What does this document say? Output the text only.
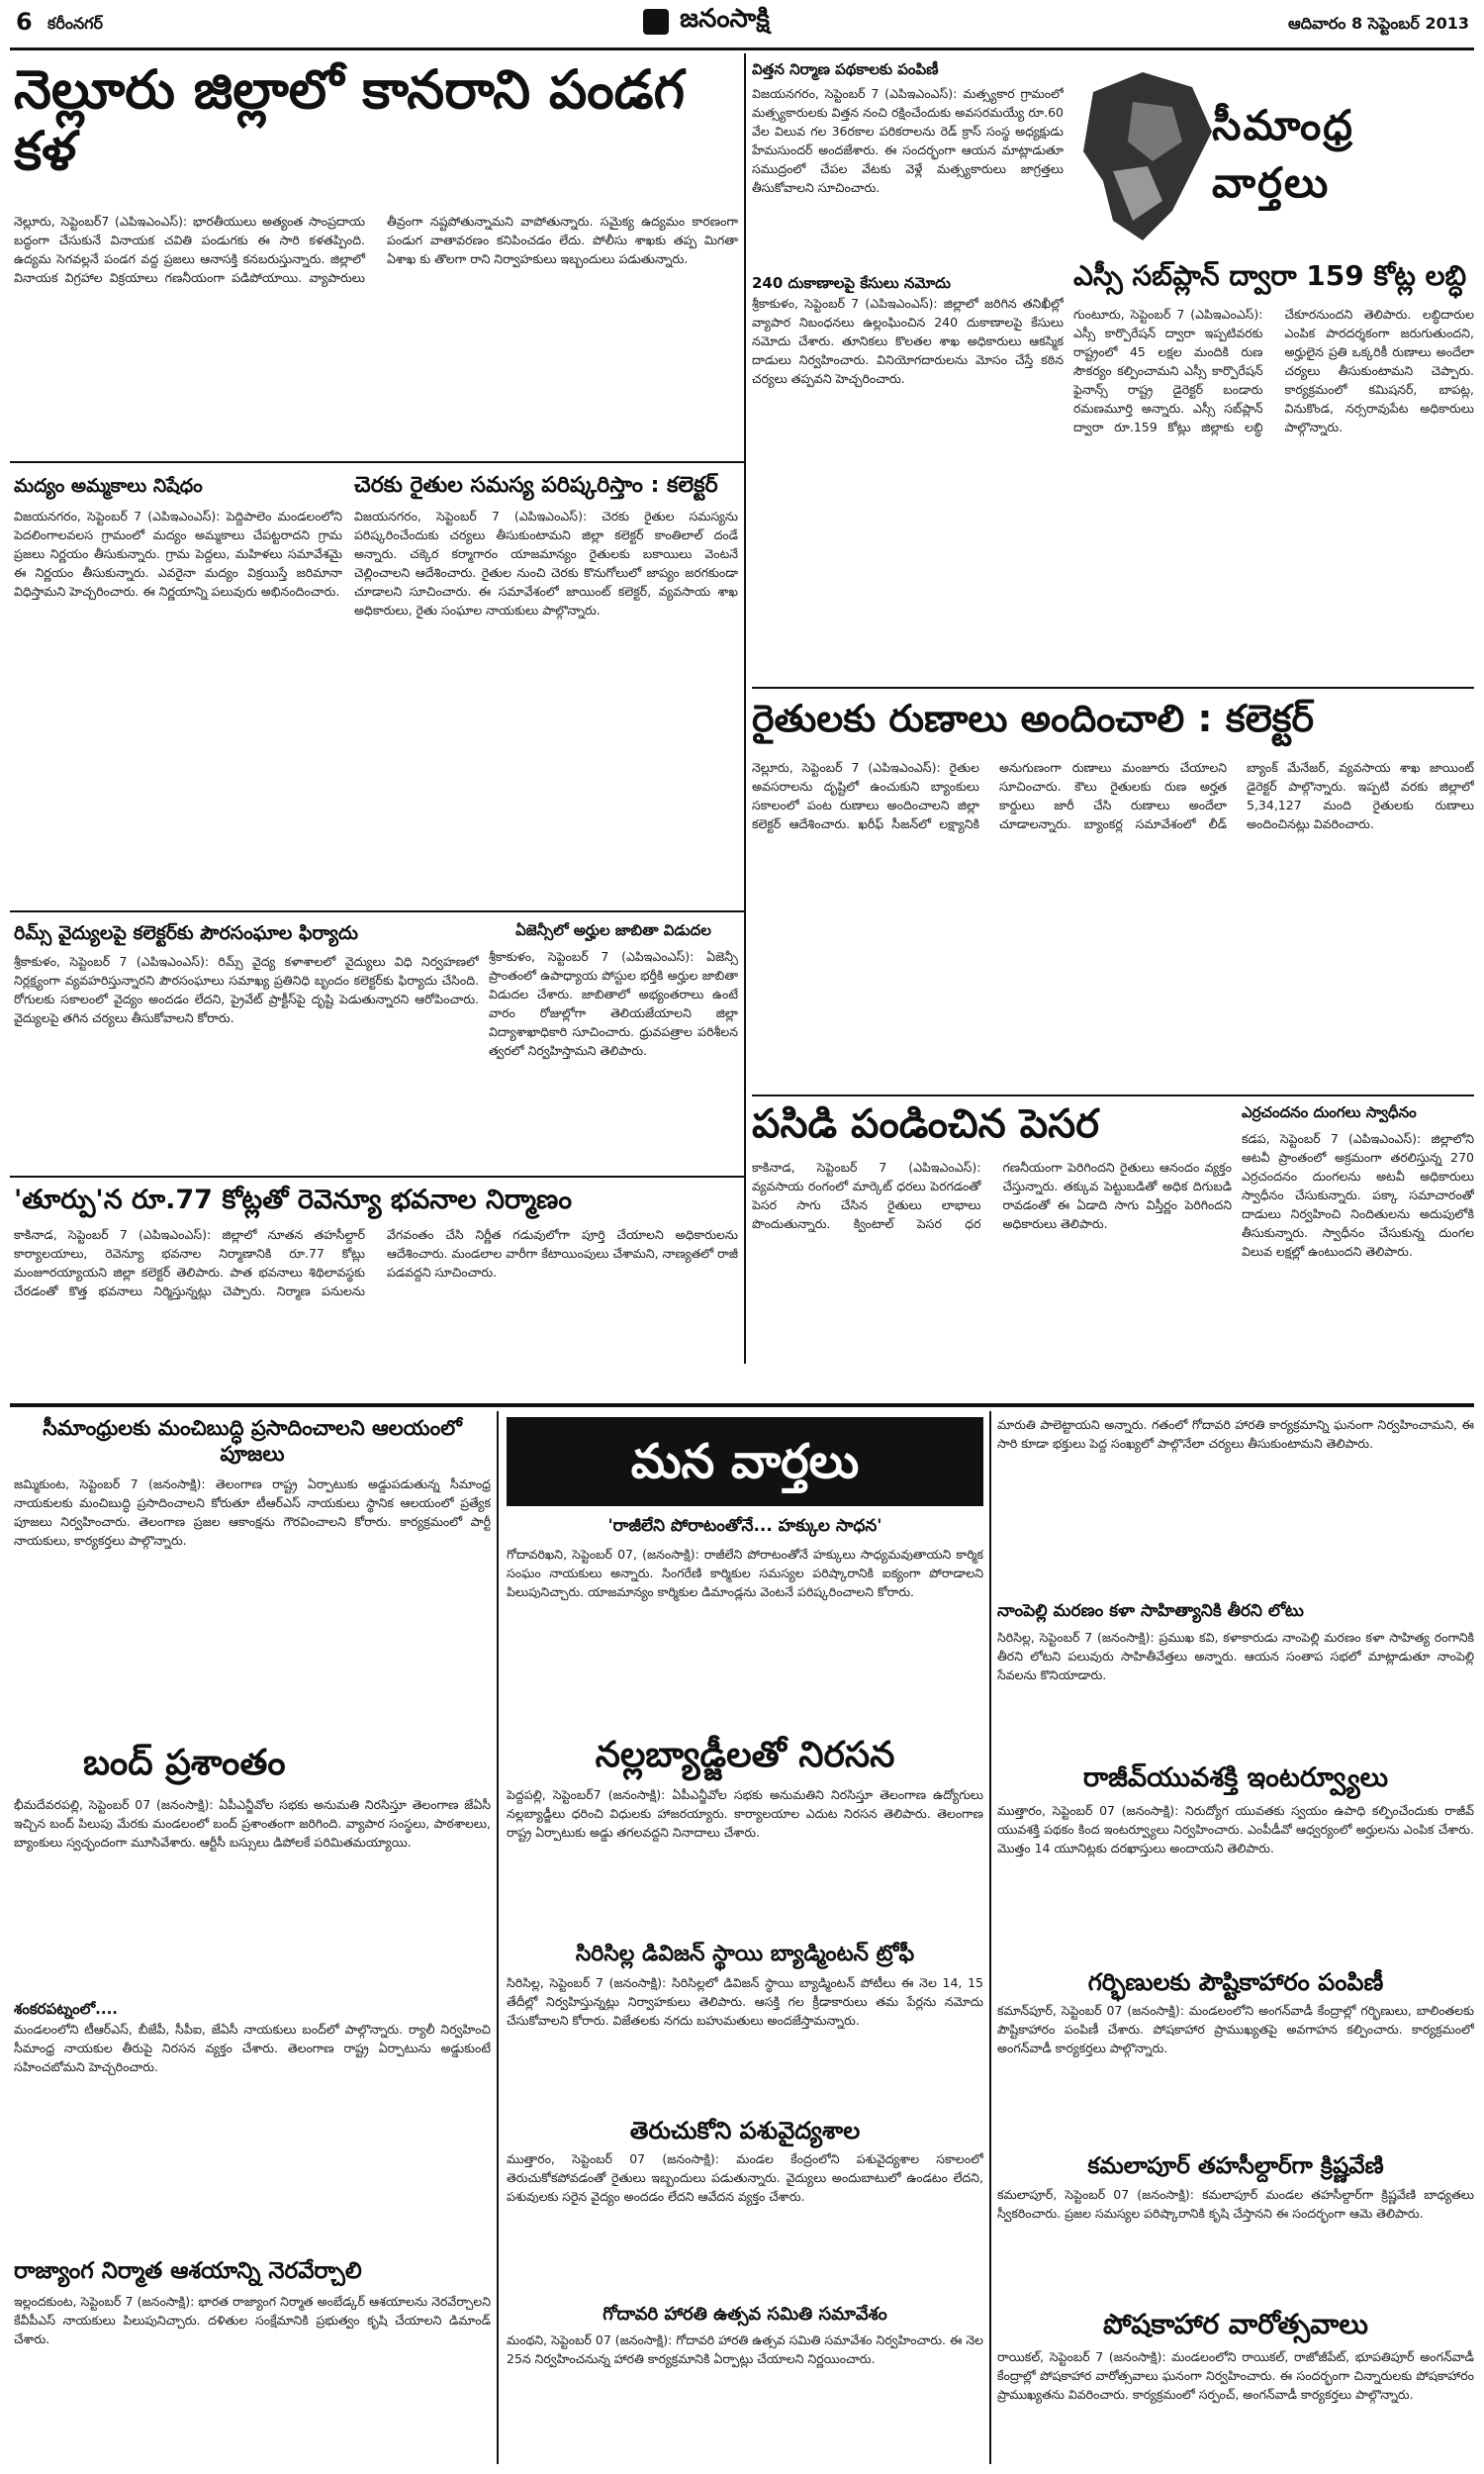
6 కరీంనగర్	జనంసాక్షి	ఆదివారం 8 సెప్టెంబర్ 2013
నెల్లూరు జిల్లాలో కానరాని పండగ కళ
నెల్లూరు, సెప్టెంబర్7 (ఎపిఇఎంఎస్): భారతీయులు అత్యంత సాంప్రదాయ బద్ధంగా చేసుకునే వినాయక చవితి పండుగకు ఈ సారి కళతప్పింది. ఉద్యమ సెగవల్లనే పండగ వద్ద ప్రజలు ఆనాసక్తి కనబరుస్తున్నారు. జిల్లాలో వినాయక విగ్రహాల విక్రయాలు గణనీయంగా పడిపోయాయి. వ్యాపారులు తీవ్రంగా నష్టపోతున్నామని వాపోతున్నారు. సమైక్య ఉద్యమం కారణంగా పండుగ వాతావరణం కనిపించడం లేదు. పోలీసు శాఖకు తప్ప మిగతా ఏశాఖ కు తొలగా రాని నిర్వాహకులు ఇబ్బందులు పడుతున్నారు.
విత్తన నిర్మాణ పథకాలకు పంపిణీ
విజయనగరం, సెప్టెంబర్ 7 (ఎపిఇఎంఎస్): మత్స్యకార గ్రామంలో మత్స్యకారులకు విత్తన నంచి రక్షించేందుకు అవసరమయ్యే రూ.60 వేల విలువ గల 36రకాల పరికరాలను రెడ్ క్రాస్ సంస్థ అధ్యక్షుడు హేమసుందర్ అందజేశారు. ఈ సందర్భంగా ఆయన మాట్లాడుతూ సముద్రంలో చేపల వేటకు వెళ్లే మత్స్యకారులు జాగ్రత్తలు తీసుకోవాలని సూచించారు.
240 దుకాణాలపై కేసులు నమోదు
శ్రీకాకుళం, సెప్టెంబర్ 7 (ఎపిఇఎంఎస్): జిల్లాలో జరిగిన తనిఖీల్లో వ్యాపార నిబంధనలు ఉల్లంఘించిన 240 దుకాణాలపై కేసులు నమోదు చేశారు. తూనికలు కొలతల శాఖ అధికారులు ఆకస్మిక దాడులు నిర్వహించారు. వినియోగదారులను మోసం చేస్తే కఠిన చర్యలు తప్పవని హెచ్చరించారు.
సీమాంధ్ర వార్తలు
ఎస్సీ సబ్‌ప్లాన్ ద్వారా 159 కోట్ల లబ్ధి
గుంటూరు, సెప్టెంబర్ 7 (ఎపిఇఎంఎస్): ఎస్సీ కార్పొరేషన్ ద్వారా ఇప్పటివరకు రాష్ట్రంలో 45 లక్షల మందికి రుణ సౌకర్యం కల్పించామని ఎస్సీ కార్పొరేషన్ ఫైనాన్స్ రాష్ట్ర డైరెక్టర్ బండారు రమణమూర్తి అన్నారు. ఎస్సీ సబ్‌ప్లాన్ ద్వారా రూ.159 కోట్లు జిల్లాకు లబ్ధి చేకూరనుందని తెలిపారు. లబ్ధిదారుల ఎంపిక పారదర్శకంగా జరుగుతుందని, అర్హులైన ప్రతి ఒక్కరికీ రుణాలు అందేలా చర్యలు తీసుకుంటామని చెప్పారు. కార్యక్రమంలో కమిషనర్, బాపట్ల, వినుకొండ, నర్సరావుపేట అధికారులు పాల్గొన్నారు.
మద్యం అమ్మకాలు నిషేధం
విజయనగరం, సెప్టెంబర్ 7 (ఎపిఇఎంఎస్): పెద్దిపాలెం మండలంలోని పెదలింగాలవలస గ్రామంలో మద్యం అమ్మకాలు చేపట్టరాదని గ్రామ ప్రజలు నిర్ణయం తీసుకున్నారు. గ్రామ పెద్దలు, మహిళలు సమావేశమై ఈ నిర్ణయం తీసుకున్నారు. ఎవరైనా మద్యం విక్రయిస్తే జరిమానా విధిస్తామని హెచ్చరించారు. ఈ నిర్ణయాన్ని పలువురు అభినందించారు.
చెరకు రైతుల సమస్య పరిష్కరిస్తాం : కలెక్టర్
విజయనగరం, సెప్టెంబర్ 7 (ఎపిఇఎంఎస్): చెరకు రైతుల సమస్యను పరిష్కరించేందుకు చర్యలు తీసుకుంటామని జిల్లా కలెక్టర్ కాంతిలాల్ దండే అన్నారు. చక్కెర కర్మాగారం యాజమాన్యం రైతులకు బకాయిలు వెంటనే చెల్లించాలని ఆదేశించారు. రైతుల నుంచి చెరకు కొనుగోలులో జాప్యం జరగకుండా చూడాలని సూచించారు. ఈ సమావేశంలో జాయింట్ కలెక్టర్, వ్యవసాయ శాఖ అధికారులు, రైతు సంఘాల నాయకులు పాల్గొన్నారు.
రైతులకు రుణాలు అందించాలి : కలెక్టర్
నెల్లూరు, సెప్టెంబర్ 7 (ఎపిఇఎంఎస్): రైతుల అవసరాలను దృష్టిలో ఉంచుకుని బ్యాంకులు సకాలంలో పంట రుణాలు అందించాలని జిల్లా కలెక్టర్ ఆదేశించారు. ఖరీఫ్ సీజన్‌లో లక్ష్యానికి అనుగుణంగా రుణాలు మంజూరు చేయాలని సూచించారు. కౌలు రైతులకు రుణ అర్హత కార్డులు జారీ చేసి రుణాలు అందేలా చూడాలన్నారు. బ్యాంకర్ల సమావేశంలో లీడ్ బ్యాంక్ మేనేజర్, వ్యవసాయ శాఖ జాయింట్ డైరెక్టర్ పాల్గొన్నారు. ఇప్పటి వరకు జిల్లాలో 5,34,127 మంది రైతులకు రుణాలు అందించినట్లు వివరించారు.
రిమ్స్ వైద్యులపై కలెక్టర్‌కు పౌరసంఘాల ఫిర్యాదు
శ్రీకాకుళం, సెప్టెంబర్ 7 (ఎపిఇఎంఎస్): రిమ్స్ వైద్య కళాశాలలో వైద్యులు విధి నిర్వహణలో నిర్లక్ష్యంగా వ్యవహరిస్తున్నారని పౌరసంఘాలు సమాఖ్య ప్రతినిధి బృందం కలెక్టర్‌కు ఫిర్యాదు చేసింది. రోగులకు సకాలంలో వైద్యం అందడం లేదని, ప్రైవేట్ ప్రాక్టీస్‌పై దృష్టి పెడుతున్నారని ఆరోపించారు. వైద్యులపై తగిన చర్యలు తీసుకోవాలని కోరారు.
ఏజెన్సీలో అర్హుల జాబితా విడుదల
శ్రీకాకుళం, సెప్టెంబర్ 7 (ఎపిఇఎంఎస్): ఏజెన్సీ ప్రాంతంలో ఉపాధ్యాయ పోస్టుల భర్తీకి అర్హుల జాబితా విడుదల చేశారు. జాబితాలో అభ్యంతరాలు ఉంటే వారం రోజుల్లోగా తెలియజేయాలని జిల్లా విద్యాశాఖాధికారి సూచించారు. ధ్రువపత్రాల పరిశీలన త్వరలో నిర్వహిస్తామని తెలిపారు.
పసిడి పండించిన పెసర
కాకినాడ, సెప్టెంబర్ 7 (ఎపిఇఎంఎస్): వ్యవసాయ రంగంలో మార్కెట్ ధరలు పెరగడంతో పెసర సాగు చేసిన రైతులు లాభాలు పొందుతున్నారు. క్వింటాల్ పెసర ధర గణనీయంగా పెరిగిందని రైతులు ఆనందం వ్యక్తం చేస్తున్నారు. తక్కువ పెట్టుబడితో అధిక దిగుబడి రావడంతో ఈ ఏడాది సాగు విస్తీర్ణం పెరిగిందని అధికారులు తెలిపారు.
ఎర్రచందనం దుంగలు స్వాధీనం
కడప, సెప్టెంబర్ 7 (ఎపిఇఎంఎస్): జిల్లాలోని అటవీ ప్రాంతంలో అక్రమంగా తరలిస్తున్న 270 ఎర్రచందనం దుంగలను అటవీ అధికారులు స్వాధీనం చేసుకున్నారు. పక్కా సమాచారంతో దాడులు నిర్వహించి నిందితులను అదుపులోకి తీసుకున్నారు. స్వాధీనం చేసుకున్న దుంగల విలువ లక్షల్లో ఉంటుందని తెలిపారు.
'తూర్పు'న రూ.77 కోట్లతో రెవెన్యూ భవనాల నిర్మాణం
కాకినాడ, సెప్టెంబర్ 7 (ఎపిఇఎంఎస్): జిల్లాలో నూతన తహసీల్దార్ కార్యాలయాలు, రెవెన్యూ భవనాల నిర్మాణానికి రూ.77 కోట్లు మంజూరయ్యాయని జిల్లా కలెక్టర్ తెలిపారు. పాత భవనాలు శిథిలావస్థకు చేరడంతో కొత్త భవనాలు నిర్మిస్తున్నట్లు చెప్పారు. నిర్మాణ పనులను వేగవంతం చేసి నిర్ణీత గడువులోగా పూర్తి చేయాలని అధికారులను ఆదేశించారు. మండలాల వారీగా కేటాయింపులు చేశామని, నాణ్యతలో రాజీ పడవద్దని సూచించారు.
సీమాంధ్రులకు మంచిబుద్ధి ప్రసాదించాలని ఆలయంలో పూజలు
జమ్మికుంట, సెప్టెంబర్ 7 (జనంసాక్షి): తెలంగాణ రాష్ట్ర ఏర్పాటుకు అడ్డుపడుతున్న సీమాంధ్ర నాయకులకు మంచిబుద్ధి ప్రసాదించాలని కోరుతూ టీఆర్ఎస్ నాయకులు స్థానిక ఆలయంలో ప్రత్యేక పూజలు నిర్వహించారు. తెలంగాణ ప్రజల ఆకాంక్షను గౌరవించాలని కోరారు. కార్యక్రమంలో పార్టీ నాయకులు, కార్యకర్తలు పాల్గొన్నారు.
బంద్ ప్రశాంతం
భీమదేవరపల్లి, సెప్టెంబర్ 07 (జనంసాక్షి): ఏపీఎన్జీవోల సభకు అనుమతి నిరసిస్తూ తెలంగాణ జేఏసీ ఇచ్చిన బంద్ పిలుపు మేరకు మండలంలో బంద్ ప్రశాంతంగా జరిగింది. వ్యాపార సంస్థలు, పాఠశాలలు, బ్యాంకులు స్వచ్ఛందంగా మూసివేశారు. ఆర్టీసీ బస్సులు డిపోలకే పరిమితమయ్యాయి.
శంకరపట్నంలో....
మండలంలోని టీఆర్ఎస్, బీజేపీ, సీపీఐ, జేఏసీ నాయకులు బంద్‌లో పాల్గొన్నారు. ర్యాలీ నిర్వహించి సీమాంధ్ర నాయకుల తీరుపై నిరసన వ్యక్తం చేశారు. తెలంగాణ రాష్ట్ర ఏర్పాటును అడ్డుకుంటే సహించబోమని హెచ్చరించారు.
రాజ్యాంగ నిర్మాత ఆశయాన్ని నెరవేర్చాలి
ఇల్లందకుంట, సెప్టెంబర్ 7 (జనంసాక్షి): భారత రాజ్యాంగ నిర్మాత అంబేడ్కర్ ఆశయాలను నెరవేర్చాలని కేవీపీఎస్ నాయకులు పిలుపునిచ్చారు. దళితుల సంక్షేమానికి ప్రభుత్వం కృషి చేయాలని డిమాండ్ చేశారు.
మన వార్తలు
'రాజీలేని పోరాటంతోనే... హక్కుల సాధన'
గోదావరిఖని, సెప్టెంబర్ 07, (జనంసాక్షి): రాజీలేని పోరాటంతోనే హక్కులు సాధ్యమవుతాయని కార్మిక సంఘం నాయకులు అన్నారు. సింగరేణి కార్మికుల సమస్యల పరిష్కారానికి ఐక్యంగా పోరాడాలని పిలుపునిచ్చారు. యాజమాన్యం కార్మికుల డిమాండ్లను వెంటనే పరిష్కరించాలని కోరారు.
నల్లబ్యాడ్జీలతో నిరసన
పెద్దపల్లి, సెప్టెంబర్7 (జనంసాక్షి): ఏపీఎన్జీవోల సభకు అనుమతిని నిరసిస్తూ తెలంగాణ ఉద్యోగులు నల్లబ్యాడ్జీలు ధరించి విధులకు హాజరయ్యారు. కార్యాలయాల ఎదుట నిరసన తెలిపారు. తెలంగాణ రాష్ట్ర ఏర్పాటుకు అడ్డు తగలవద్దని నినాదాలు చేశారు.
సిరిసిల్ల డివిజన్ స్థాయి బ్యాడ్మింటన్ ట్రోఫీ
సిరిసిల్ల, సెప్టెంబర్ 7 (జనంసాక్షి): సిరిసిల్లలో డివిజన్ స్థాయి బ్యాడ్మింటన్ పోటీలు ఈ నెల 14, 15 తేదీల్లో నిర్వహిస్తున్నట్లు నిర్వాహకులు తెలిపారు. ఆసక్తి గల క్రీడాకారులు తమ పేర్లను నమోదు చేసుకోవాలని కోరారు. విజేతలకు నగదు బహుమతులు అందజేస్తామన్నారు.
తెరుచుకోని పశువైద్యశాల
ముత్తారం, సెప్టెంబర్ 07 (జనంసాక్షి): మండల కేంద్రంలోని పశువైద్యశాల సకాలంలో తెరుచుకోకపోవడంతో రైతులు ఇబ్బందులు పడుతున్నారు. వైద్యులు అందుబాటులో ఉండటం లేదని, పశువులకు సరైన వైద్యం అందడం లేదని ఆవేదన వ్యక్తం చేశారు.
గోదావరి హారతి ఉత్సవ సమితి సమావేశం
మంథని, సెప్టెంబర్ 07 (జనంసాక్షి): గోదావరి హారతి ఉత్సవ సమితి సమావేశం నిర్వహించారు. ఈ నెల 25న నిర్వహించనున్న హారతి కార్యక్రమానికి ఏర్పాట్లు చేయాలని నిర్ణయించారు.
మారుతి పాలెట్టాయని అన్నారు. గతంలో గోదావరి హారతి కార్యక్రమాన్ని ఘనంగా నిర్వహించామని, ఈ సారి కూడా భక్తులు పెద్ద సంఖ్యలో పాల్గొనేలా చర్యలు తీసుకుంటామని తెలిపారు.
నాంపెల్లి మరణం కళా సాహిత్యానికి తీరని లోటు
సిరిసిల్ల, సెప్టెంబర్ 7 (జనంసాక్షి): ప్రముఖ కవి, కళాకారుడు నాంపెల్లి మరణం కళా సాహిత్య రంగానికి తీరని లోటని పలువురు సాహితీవేత్తలు అన్నారు. ఆయన సంతాప సభలో మాట్లాడుతూ నాంపెల్లి సేవలను కొనియాడారు.
రాజీవ్‌యువశక్తి ఇంటర్వ్యూలు
ముత్తారం, సెప్టెంబర్ 07 (జనంసాక్షి): నిరుద్యోగ యువతకు స్వయం ఉపాధి కల్పించేందుకు రాజీవ్ యువశక్తి పథకం కింద ఇంటర్వ్యూలు నిర్వహించారు. ఎంపీడీవో ఆధ్వర్యంలో అర్హులను ఎంపిక చేశారు. మొత్తం 14 యూనిట్లకు దరఖాస్తులు అందాయని తెలిపారు.
గర్భిణులకు పౌష్టికాహారం పంపిణీ
కమాన్‌పూర్, సెప్టెంబర్ 07 (జనంసాక్షి): మండలంలోని అంగన్‌వాడీ కేంద్రాల్లో గర్భిణులు, బాలింతలకు పౌష్టికాహారం పంపిణీ చేశారు. పోషకాహార ప్రాముఖ్యతపై అవగాహన కల్పించారు. కార్యక్రమంలో అంగన్‌వాడీ కార్యకర్తలు పాల్గొన్నారు.
కమలాపూర్ తహసీల్దార్‌గా క్రిష్ణవేణి
కమలాపూర్, సెప్టెంబర్ 07 (జనంసాక్షి): కమలాపూర్ మండల తహసీల్దార్‌గా క్రిష్ణవేణి బాధ్యతలు స్వీకరించారు. ప్రజల సమస్యల పరిష్కారానికి కృషి చేస్తానని ఈ సందర్భంగా ఆమె తెలిపారు.
పోషకాహార వారోత్సవాలు
రాయికల్, సెప్టెంబర్ 7 (జనంసాక్షి): మండలంలోని రాయికల్, రాజోజీపేట్, భూపతిపూర్ అంగన్‌వాడీ కేంద్రాల్లో పోషకాహార వారోత్సవాలు ఘనంగా నిర్వహించారు. ఈ సందర్భంగా చిన్నారులకు పోషకాహారం ప్రాముఖ్యతను వివరించారు. కార్యక్రమంలో సర్పంచ్, అంగన్‌వాడీ కార్యకర్తలు పాల్గొన్నారు.
